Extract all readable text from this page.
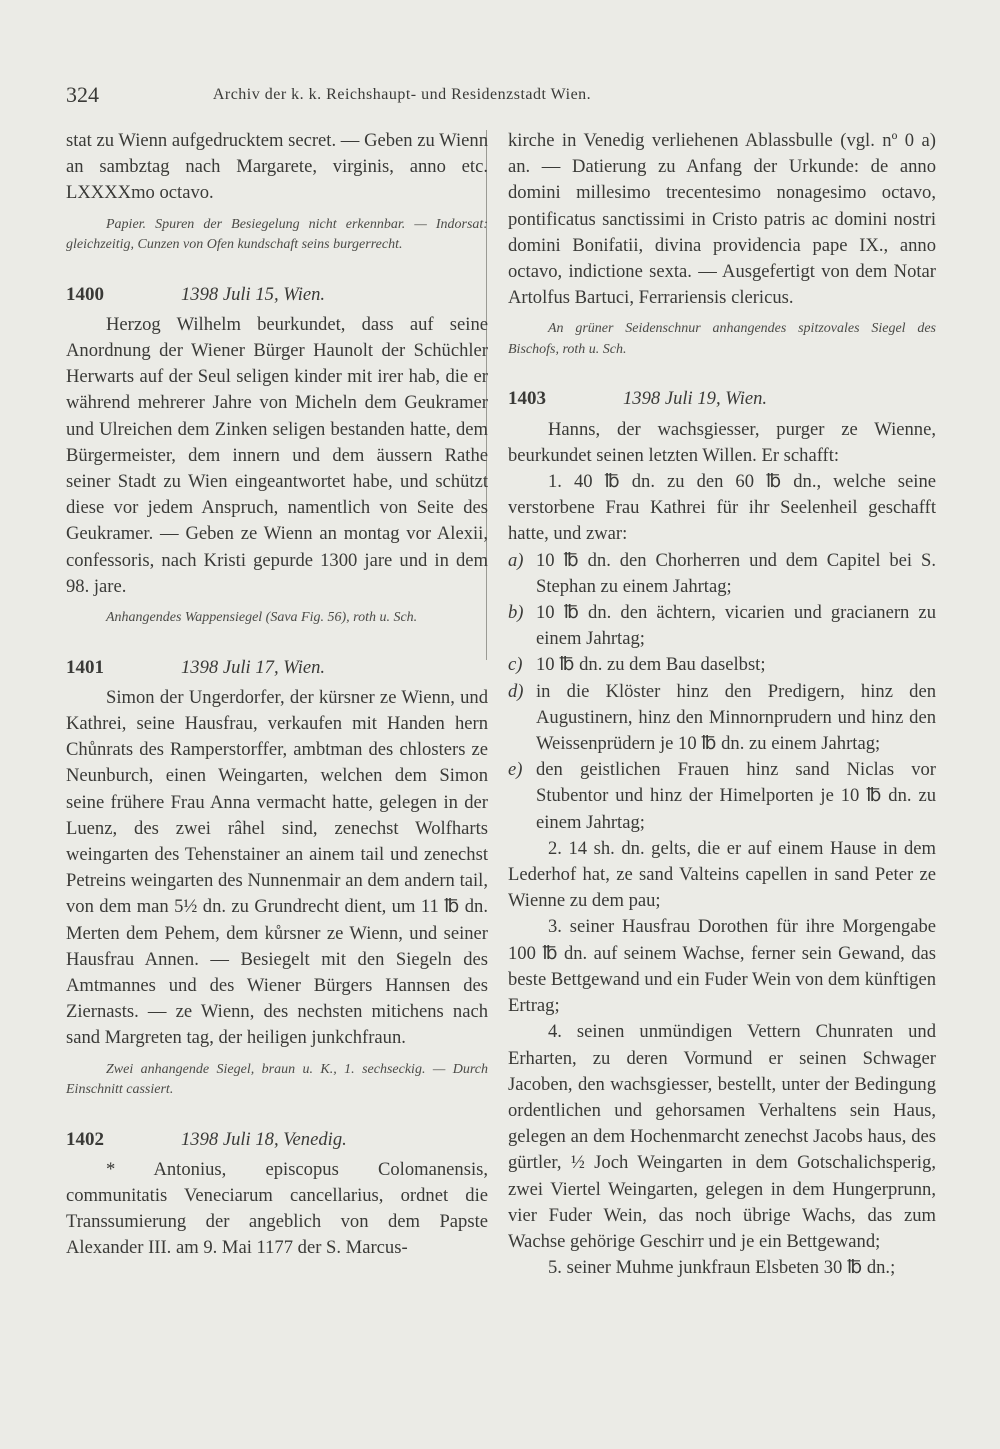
324	Archiv der k. k. Reichshaupt- und Residenzstadt Wien.

stat zu Wienn aufgedrucktem secret. — Geben zu Wienn an sambztag nach Margarete, virginis, anno etc. LXXXXmo octavo.

Papier. Spuren der Besiegelung nicht erkennbar. — Indorsat: gleichzeitig, Cunzen von Ofen kundschaft seins burgerrecht.

1400	1398 Juli 15, Wien.

Herzog Wilhelm beurkundet, dass auf seine Anordnung der Wiener Bürger Haunolt der Schüchler Herwarts auf der Seul seligen kinder mit irer hab, die er während mehrerer Jahre von Micheln dem Geukramer und Ulreichen dem Zinken seligen bestanden hatte, dem Bürgermeister, dem innern und dem äussern Rathe seiner Stadt zu Wien eingeantwortet habe, und schützt diese vor jedem Anspruch, namentlich von Seite des Geukramer. — Geben ze Wienn an montag vor Alexii, confessoris, nach Kristi gepurde 1300 jare und in dem 98. jare.

Anhangendes Wappensiegel (Sava Fig. 56), roth u. Sch.

1401	1398 Juli 17, Wien.

Simon der Ungerdorfer, der kürsner ze Wienn, und Kathrei, seine Hausfrau, verkaufen mit Handen hern Chůnrats des Ramperstorffer, ambtman des chlosters ze Neunburch, einen Weingarten, welchen dem Simon seine frühere Frau Anna vermacht hatte, gelegen in der Luenz, des zwei râhel sind, zenechst Wolfharts weingarten des Tehenstainer an ainem tail und zenechst Petreins weingarten des Nunnenmair an dem andern tail, von dem man 5½ dn. zu Grundrecht dient, um 11 ℔ dn. Merten dem Pehem, dem kůrsner ze Wienn, und seiner Hausfrau Annen. — Besiegelt mit den Siegeln des Amtmannes und des Wiener Bürgers Hannsen des Ziernasts. — ze Wienn, des nechsten mitichens nach sand Margreten tag, der heiligen junkchfraun.

Zwei anhangende Siegel, braun u. K., 1. sechseckig. — Durch Einschnitt cassiert.

1402	1398 Juli 18, Venedig.

* Antonius, episcopus Colomanensis, communitatis Veneciarum cancellarius, ordnet die Transsumierung der angeblich von dem Papste Alexander III. am 9. Mai 1177 der S. Marcus-

kirche in Venedig verliehenen Ablassbulle (vgl. nº 0 a) an. — Datierung zu Anfang der Urkunde: de anno domini millesimo trecentesimo nonagesimo octavo, pontificatus sanctissimi in Cristo patris ac domini nostri domini Bonifatii, divina providencia pape IX., anno octavo, indictione sexta. — Ausgefertigt von dem Notar Artolfus Bartuci, Ferrariensis clericus.

An grüner Seidenschnur anhangendes spitzovales Siegel des Bischofs, roth u. Sch.

1403	1398 Juli 19, Wien.

Hanns, der wachsgiesser, purger ze Wienne, beurkundet seinen letzten Willen. Er schafft:

1. 40 ℔ dn. zu den 60 ℔ dn., welche seine verstorbene Frau Kathrei für ihr Seelenheil geschafft hatte, und zwar:

a) 10 ℔ dn. den Chorherren und dem Capitel bei S. Stephan zu einem Jahrtag;
b) 10 ℔ dn. den ächtern, vicarien und gracianern zu einem Jahrtag;
c) 10 ℔ dn. zu dem Bau daselbst;
d) in die Klöster hinz den Predigern, hinz den Augustinern, hinz den Minnornprudern und hinz den Weissenprüdern je 10 ℔ dn. zu einem Jahrtag;
e) den geistlichen Frauen hinz sand Niclas vor Stubentor und hinz der Himelporten je 10 ℔ dn. zu einem Jahrtag;

2. 14 sh. dn. gelts, die er auf einem Hause in dem Lederhof hat, ze sand Valteins capellen in sand Peter ze Wienne zu dem pau;

3. seiner Hausfrau Dorothen für ihre Morgengabe 100 ℔ dn. auf seinem Wachse, ferner sein Gewand, das beste Bettgewand und ein Fuder Wein von dem künftigen Ertrag;

4. seinen unmündigen Vettern Chunraten und Erharten, zu deren Vormund er seinen Schwager Jacoben, den wachsgiesser, bestellt, unter der Bedingung ordentlichen und gehorsamen Verhaltens sein Haus, gelegen an dem Hochenmarcht zenechst Jacobs haus, des gürtler, ½ Joch Weingarten in dem Gotschalichsperig, zwei Viertel Weingarten, gelegen in dem Hungerprunn, vier Fuder Wein, das noch übrige Wachs, das zum Wachse gehörige Geschirr und je ein Bettgewand;

5. seiner Muhme junkfraun Elsbeten 30 ℔ dn.;
